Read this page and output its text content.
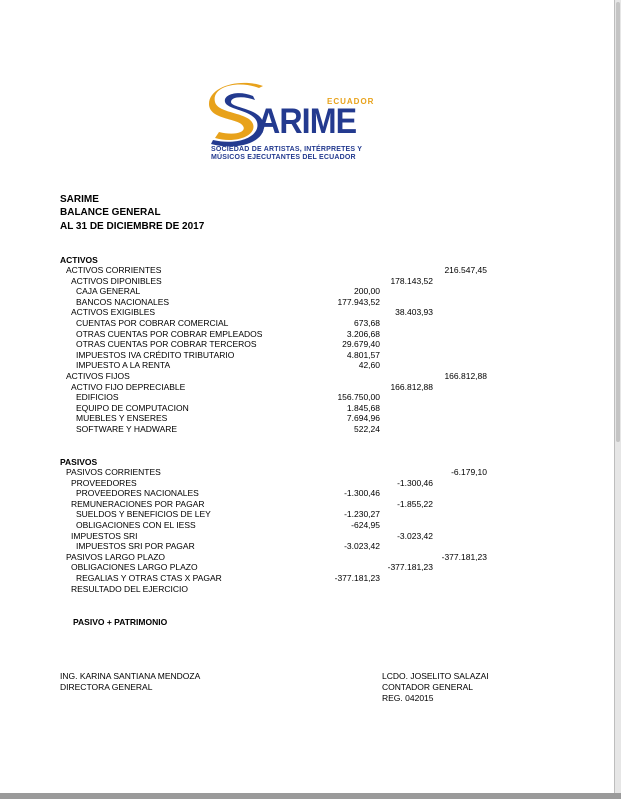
ECUADOR
ARIME
SOCIEDAD DE ARTISTAS, INTÉRPRETES Y
MÚSICOS EJECUTANTES DEL ECUADOR
SARIME
BALANCE GENERAL
AL 31 DE DICIEMBRE DE 2017
ACTIVOS
ACTIVOS CORRIENTES	216.547,45
ACTIVOS DIPONIBLES	178.143,52
CAJA GENERAL	200,00
BANCOS NACIONALES	177.943,52
ACTIVOS EXIGIBLES	38.403,93
CUENTAS POR COBRAR COMERCIAL	673,68
OTRAS CUENTAS POR COBRAR EMPLEADOS	3.206,68
OTRAS CUENTAS POR COBRAR TERCEROS	29.679,40
IMPUESTOS IVA CRÉDITO TRIBUTARIO	4.801,57
IMPUESTO A LA RENTA	42,60
ACTIVOS FIJOS	166.812,88
ACTIVO FIJO DEPRECIABLE	166.812,88
EDIFICIOS	156.750,00
EQUIPO DE COMPUTACION	1.845,68
MUEBLES Y ENSERES	7.694,96
SOFTWARE Y HADWARE	522,24
PASIVOS
PASIVOS CORRIENTES	-6.179,10
PROVEEDORES	-1.300,46
PROVEEDORES NACIONALES	-1.300,46
REMUNERACIONES POR PAGAR	-1.855,22
SUELDOS Y BENEFICIOS DE LEY	-1.230,27
OBLIGACIONES CON EL IESS	-624,95
IMPUESTOS SRI	-3.023,42
IMPUESTOS SRI POR PAGAR	-3.023,42
PASIVOS LARGO PLAZO	-377.181,23
OBLIGACIONES LARGO PLAZO	-377.181,23
REGALIAS Y OTRAS CTAS X PAGAR	-377.181,23
RESULTADO DEL EJERCICIO
PASIVO + PATRIMONIO
ING. KARINA SANTIANA MENDOZA
DIRECTORA GENERAL
LCDO. JOSELITO SALAZAI
CONTADOR GENERAL
REG. 042015
